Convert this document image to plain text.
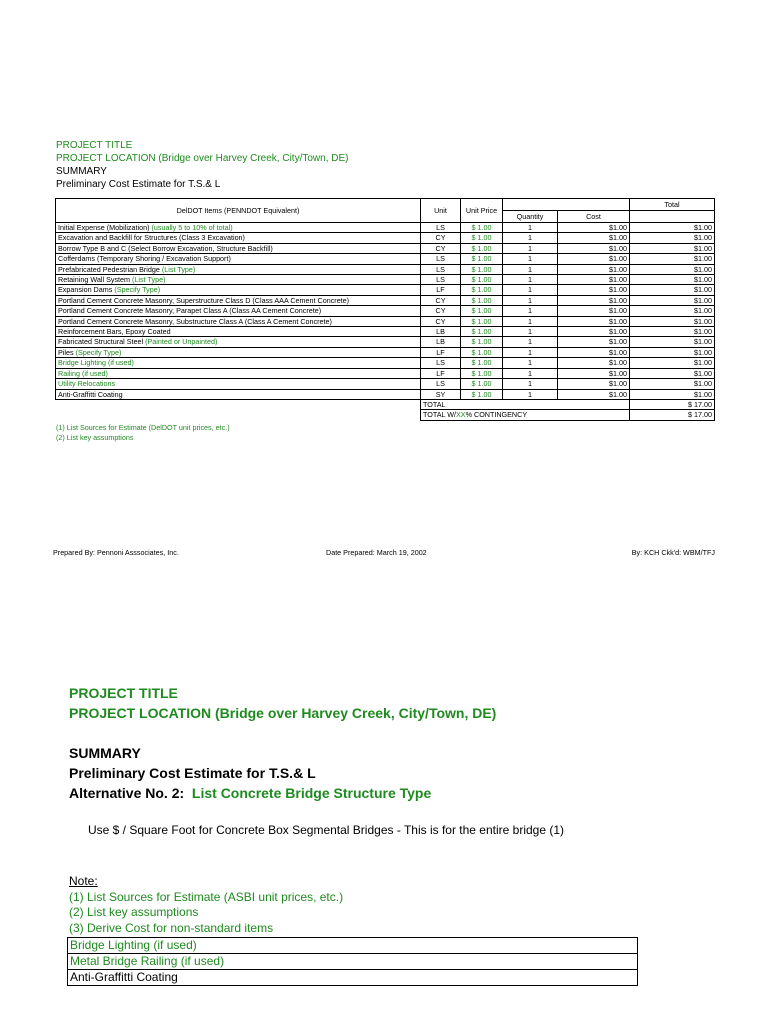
PROJECT TITLE
PROJECT LOCATION (Bridge over Harvey Creek, City/Town, DE)
SUMMARY
Preliminary Cost Estimate for T.S.& L
DelDOT Items (PENNDOT Equivalent)	Unit	Unit Price			Total
			Quantity	Cost	
Initial Expense (Mobilization) (usually 5 to 10% of total)	LS	$ 1.00	1	$1.00	$1.00
Excavation and Backfill for Structures (Class 3 Excavation)	CY	$ 1.00	1	$1.00	$1.00
Borrow Type B and C (Select Borrow Excavation, Structure Backfill)	CY	$ 1.00	1	$1.00	$1.00
Cofferdams (Temporary Shoring / Excavation Support)	LS	$ 1.00	1	$1.00	$1.00
Prefabricated Pedestrian Bridge (List Type)	LS	$ 1.00	1	$1.00	$1.00
Retaining Wall System (List Type)	LS	$ 1.00	1	$1.00	$1.00
Expansion Dams (Specify Type)	LF	$ 1.00	1	$1.00	$1.00
Portland Cement Concrete Masonry, Superstructure Class D (Class AAA Cement Concrete)	CY	$ 1.00	1	$1.00	$1.00
Portland Cement Concrete Masonry, Parapet Class A (Class AA Cement Concrete)	CY	$ 1.00	1	$1.00	$1.00
Portland Cement Concrete Masonry, Substructure Class A (Class A Cement Concrete)	CY	$ 1.00	1	$1.00	$1.00
Reinforcement Bars, Epoxy Coated	LB	$ 1.00	1	$1.00	$1.00
Fabricated Structural Steel (Painted or Unpainted)	LB	$ 1.00	1	$1.00	$1.00
Piles (Specify Type)	LF	$ 1.00	1	$1.00	$1.00
Bridge Lighting (if used)	LS	$ 1.00	1	$1.00	$1.00
Railing (if used)	LF	$ 1.00	1	$1.00	$1.00
Utility Relocations	LS	$ 1.00	1	$1.00	$1.00
Anti-Graffitti Coating	SY	$ 1.00	1	$1.00	$1.00
	TOTAL				$ 17.00
	TOTAL W/XX% CONTINGENCY				$ 17.00
(1) List Sources for Estimate (DelDOT unit prices, etc.)
(2) List key assumptions
Prepared By: Pennoni Asssociates, Inc.	Date Prepared: March 19, 2002	By: KCH Ckk'd: WBM/TFJ
PROJECT TITLE
PROJECT LOCATION (Bridge over Harvey Creek, City/Town, DE)
SUMMARY
Preliminary Cost Estimate for T.S.& L
Alternative No. 2: List Concrete Bridge Structure Type
Use $ / Square Foot for Concrete Box Segmental Bridges - This is for the entire bridge (1)
Note:
(1) List Sources for Estimate (ASBI unit prices, etc.)
(2) List key assumptions
(3) Derive Cost for non-standard items
Bridge Lighting (if used)
Metal Bridge Railing (if used)
Anti-Graffitti Coating
